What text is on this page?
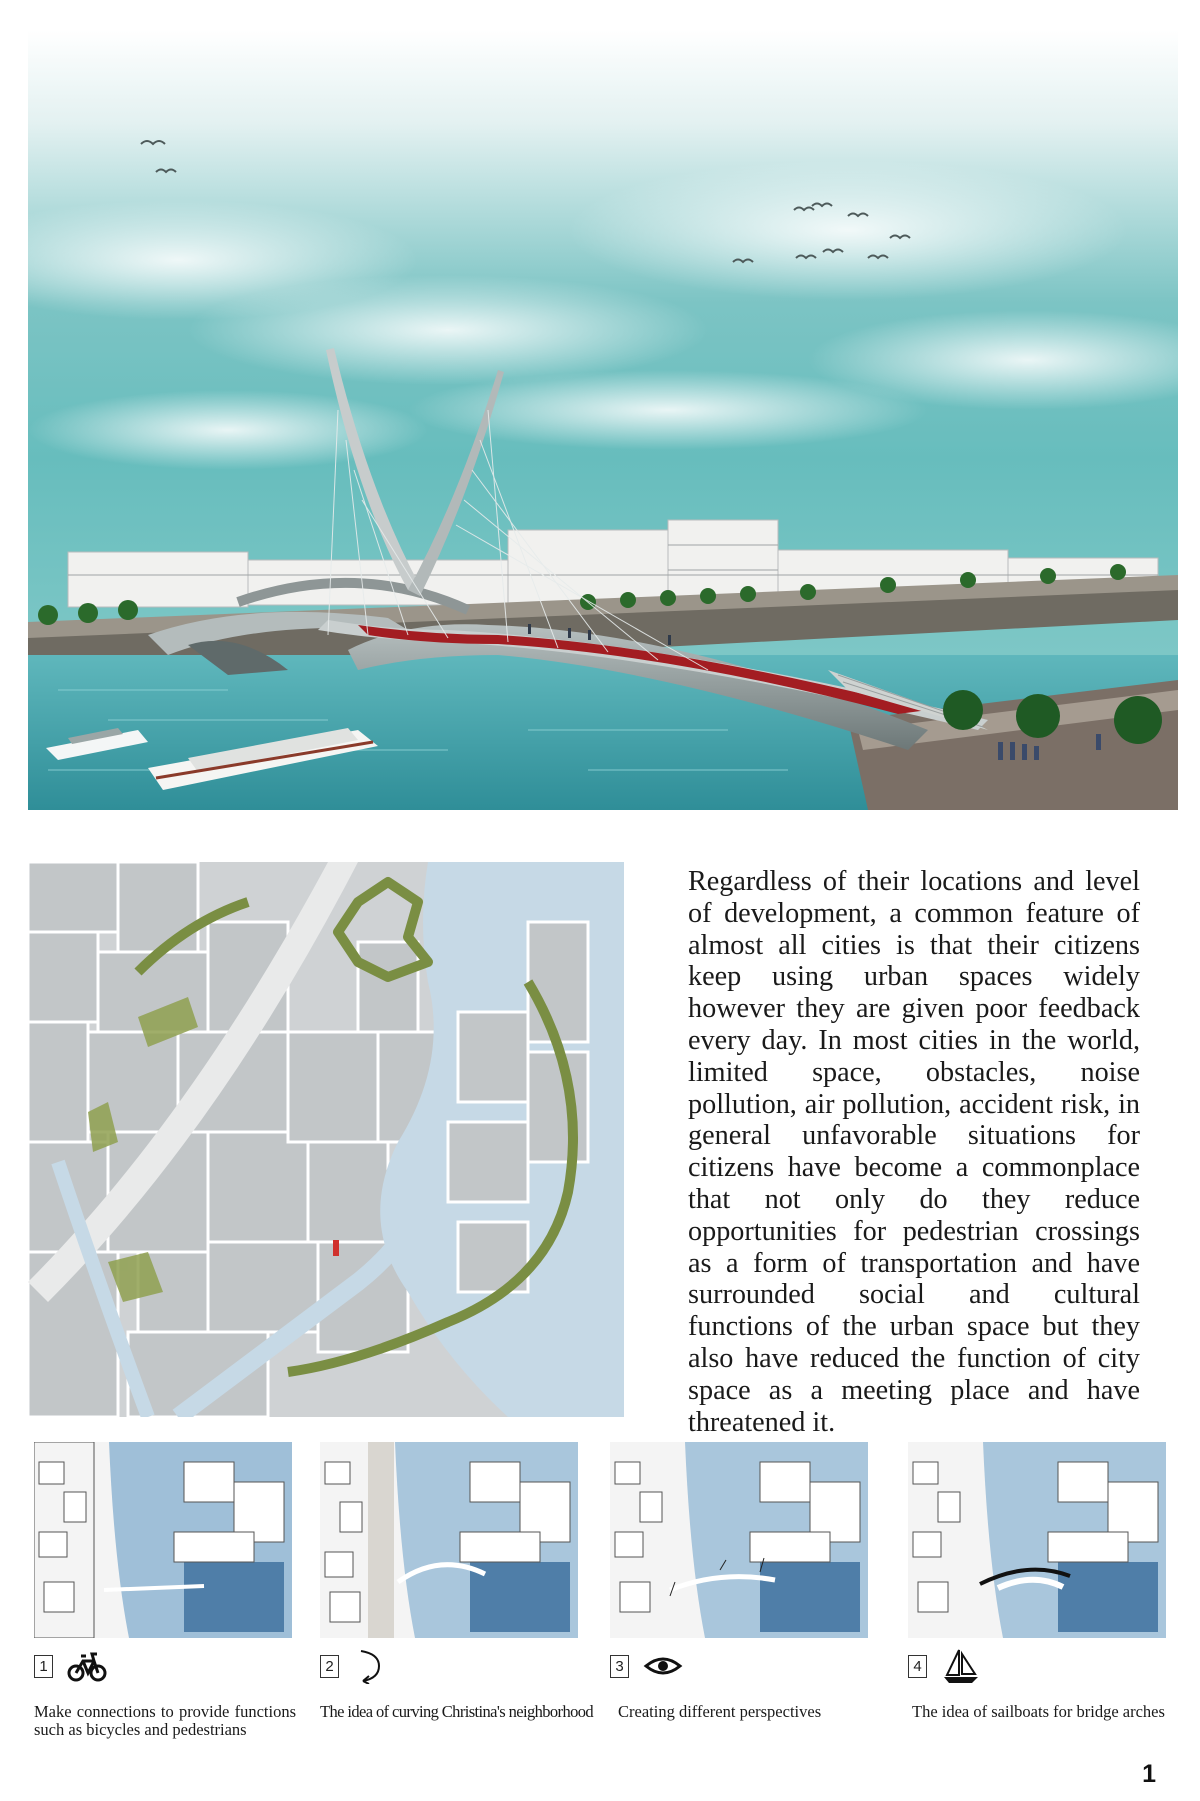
Regardless of their locations and level of development, a common feature of almost all cities is that their citizens keep using urban spaces widely however they are given poor feedback every day. In most cities in the world, limited space, obstacles, noise pollution, air pollution, accident risk, in general unfavorable situations for citizens have become a commonplace that not only do they reduce opportunities for pedestrian crossings as a form of transportation and have surrounded social and cultural functions of the urban space but they also have reduced the function of city space as a meeting place and have threatened it.

1
Make connections to provide functions such as bicycles and pedestrians
2
The idea of curving Christina's neighborhood
3
Creating different perspectives
4
The idea of sailboats for bridge arches
1
